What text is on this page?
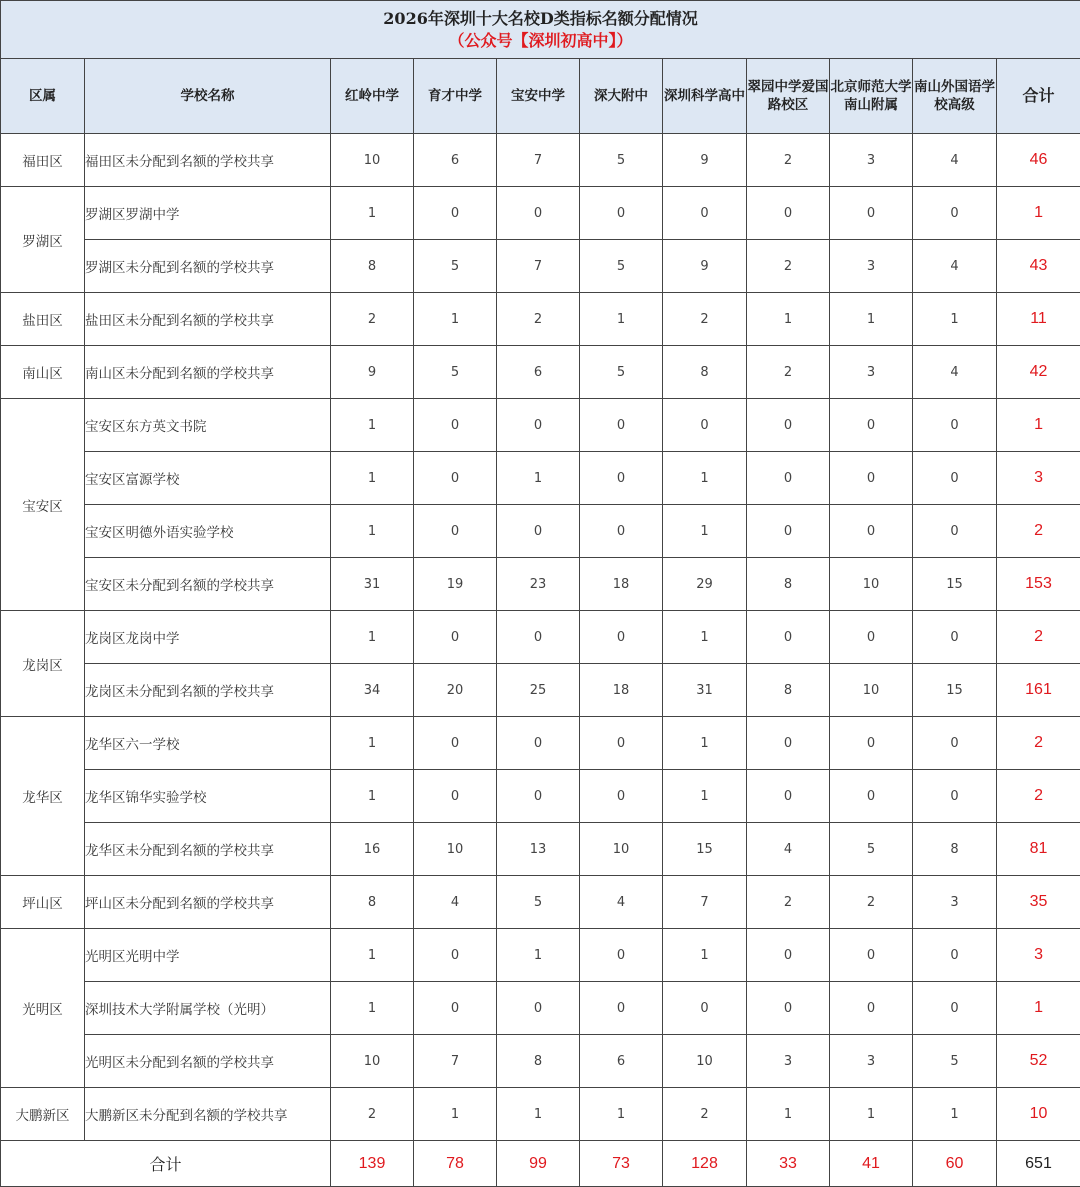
2026年深圳十大名校D类指标名额分配情况
（公众号【深圳初高中】）										

区属	学校名称	红岭中学	育才中学	宝安中学	深大附中	深圳科学高中	翠园中学爱国路校区	北京师范大学南山附属	南山外国语学校高级	合计
福田区	福田区未分配到名额的学校共享	10	6	7	5	9	2	3	4	46
罗湖区	罗湖区罗湖中学	1	0	0	0	0	0	0	0	1
	罗湖区未分配到名额的学校共享	8	5	7	5	9	2	3	4	43
盐田区	盐田区未分配到名额的学校共享	2	1	2	1	2	1	1	1	11
南山区	南山区未分配到名额的学校共享	9	5	6	5	8	2	3	4	42
宝安区	宝安区东方英文书院	1	0	0	0	0	0	0	0	1
	宝安区富源学校	1	0	1	0	1	0	0	0	3
	宝安区明德外语实验学校	1	0	0	0	1	0	0	0	2
	宝安区未分配到名额的学校共享	31	19	23	18	29	8	10	15	153
龙岗区	龙岗区龙岗中学	1	0	0	0	1	0	0	0	2
	龙岗区未分配到名额的学校共享	34	20	25	18	31	8	10	15	161
龙华区	龙华区六一学校	1	0	0	0	1	0	0	0	2
	龙华区锦华实验学校	1	0	0	0	1	0	0	0	2
	龙华区未分配到名额的学校共享	16	10	13	10	15	4	5	8	81
坪山区	坪山区未分配到名额的学校共享	8	4	5	4	7	2	2	3	35
光明区	光明区光明中学	1	0	1	0	1	0	0	0	3
	深圳技术大学附属学校（光明）	1	0	0	0	0	0	0	0	1
	光明区未分配到名额的学校共享	10	7	8	6	10	3	3	5	52
大鹏新区	大鹏新区未分配到名额的学校共享	2	1	1	1	2	1	1	1	10
合计		139	78	99	73	128	33	41	60	651
